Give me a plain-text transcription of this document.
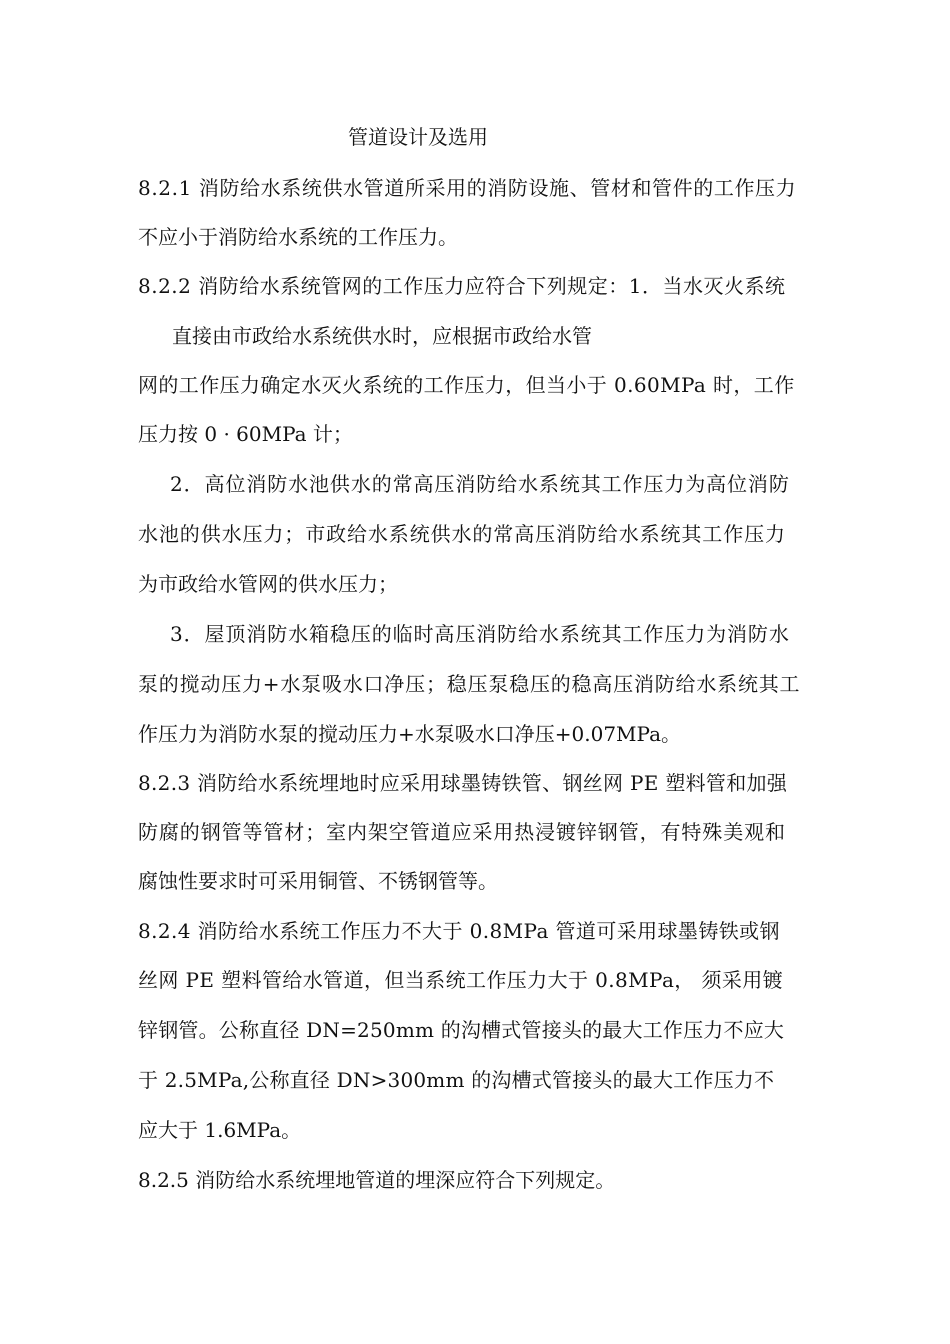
管道设计及选用
8.2.1 消防给水系统供水管道所采用的消防设施、管材和管件的工作压力
不应小于消防给水系统的工作压力。
8.2.2 消防给水系统管网的工作压力应符合下列规定：1．当水灭火系统
直接由市政给水系统供水时，应根据市政给水管
网的工作压力确定水灭火系统的工作压力，但当小于 0.60MPa 时，工作
压力按 0 · 60MPa 计；
2．高位消防水池供水的常高压消防给水系统其工作压力为高位消防
水池的供水压力；市政给水系统供水的常高压消防给水系统其工作压力
为市政给水管网的供水压力；
3．屋顶消防水箱稳压的临时高压消防给水系统其工作压力为消防水
泵的搅动压力+水泵吸水口净压；稳压泵稳压的稳高压消防给水系统其工
作压力为消防水泵的搅动压力+水泵吸水口净压+0.07MPa。
8.2.3 消防给水系统埋地时应采用球墨铸铁管、钢丝网 PE 塑料管和加强
防腐的钢管等管材；室内架空管道应采用热浸镀锌钢管，有特殊美观和
腐蚀性要求时可采用铜管、不锈钢管等。
8.2.4 消防给水系统工作压力不大于 0.8MPa 管道可采用球墨铸铁或钢
丝网 PE 塑料管给水管道，但当系统工作压力大于 0.8MPa， 须采用镀
锌钢管。公称直径 DN=250mm 的沟槽式管接头的最大工作压力不应大
于 2.5MPa,公称直径 DN>300mm 的沟槽式管接头的最大工作压力不
应大于 1.6MPa。
8.2.5 消防给水系统埋地管道的埋深应符合下列规定。
